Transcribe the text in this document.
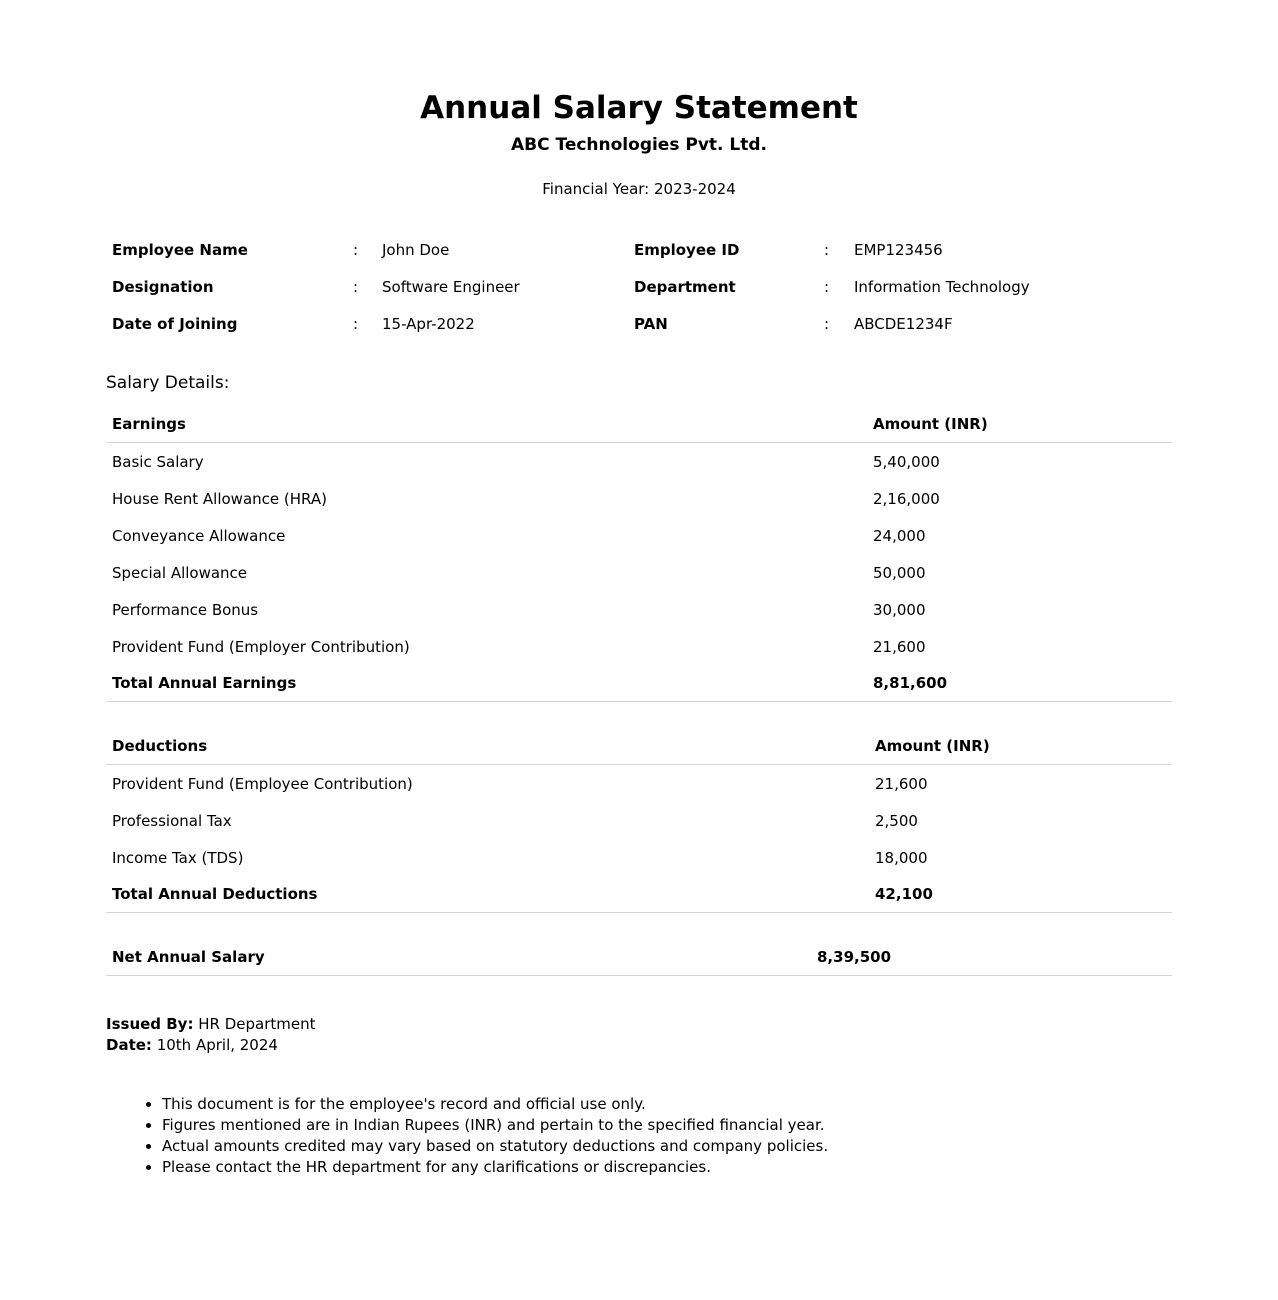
Annual Salary Statement
ABC Technologies Pvt. Ltd.
Financial Year: 2023-2024
Employee Name	: John Doe	Employee ID	: EMP123456
Designation	: Software Engineer	Department	: Information Technology
Date of Joining	: 15-Apr-2022	PAN	: ABCDE1234F
Salary Details:
Earnings	Amount (INR)
Basic Salary	5,40,000
House Rent Allowance (HRA)	2,16,000
Conveyance Allowance	24,000
Special Allowance	50,000
Performance Bonus	30,000
Provident Fund (Employer Contribution)	21,600
Total Annual Earnings	8,81,600
Deductions	Amount (INR)
Provident Fund (Employee Contribution)	21,600
Professional Tax	2,500
Income Tax (TDS)	18,000
Total Annual Deductions	42,100
Net Annual Salary	8,39,500
Issued By: HR Department
Date: 10th April, 2024
• This document is for the employee's record and official use only.
• Figures mentioned are in Indian Rupees (INR) and pertain to the specified financial year.
• Actual amounts credited may vary based on statutory deductions and company policies.
• Please contact the HR department for any clarifications or discrepancies.
